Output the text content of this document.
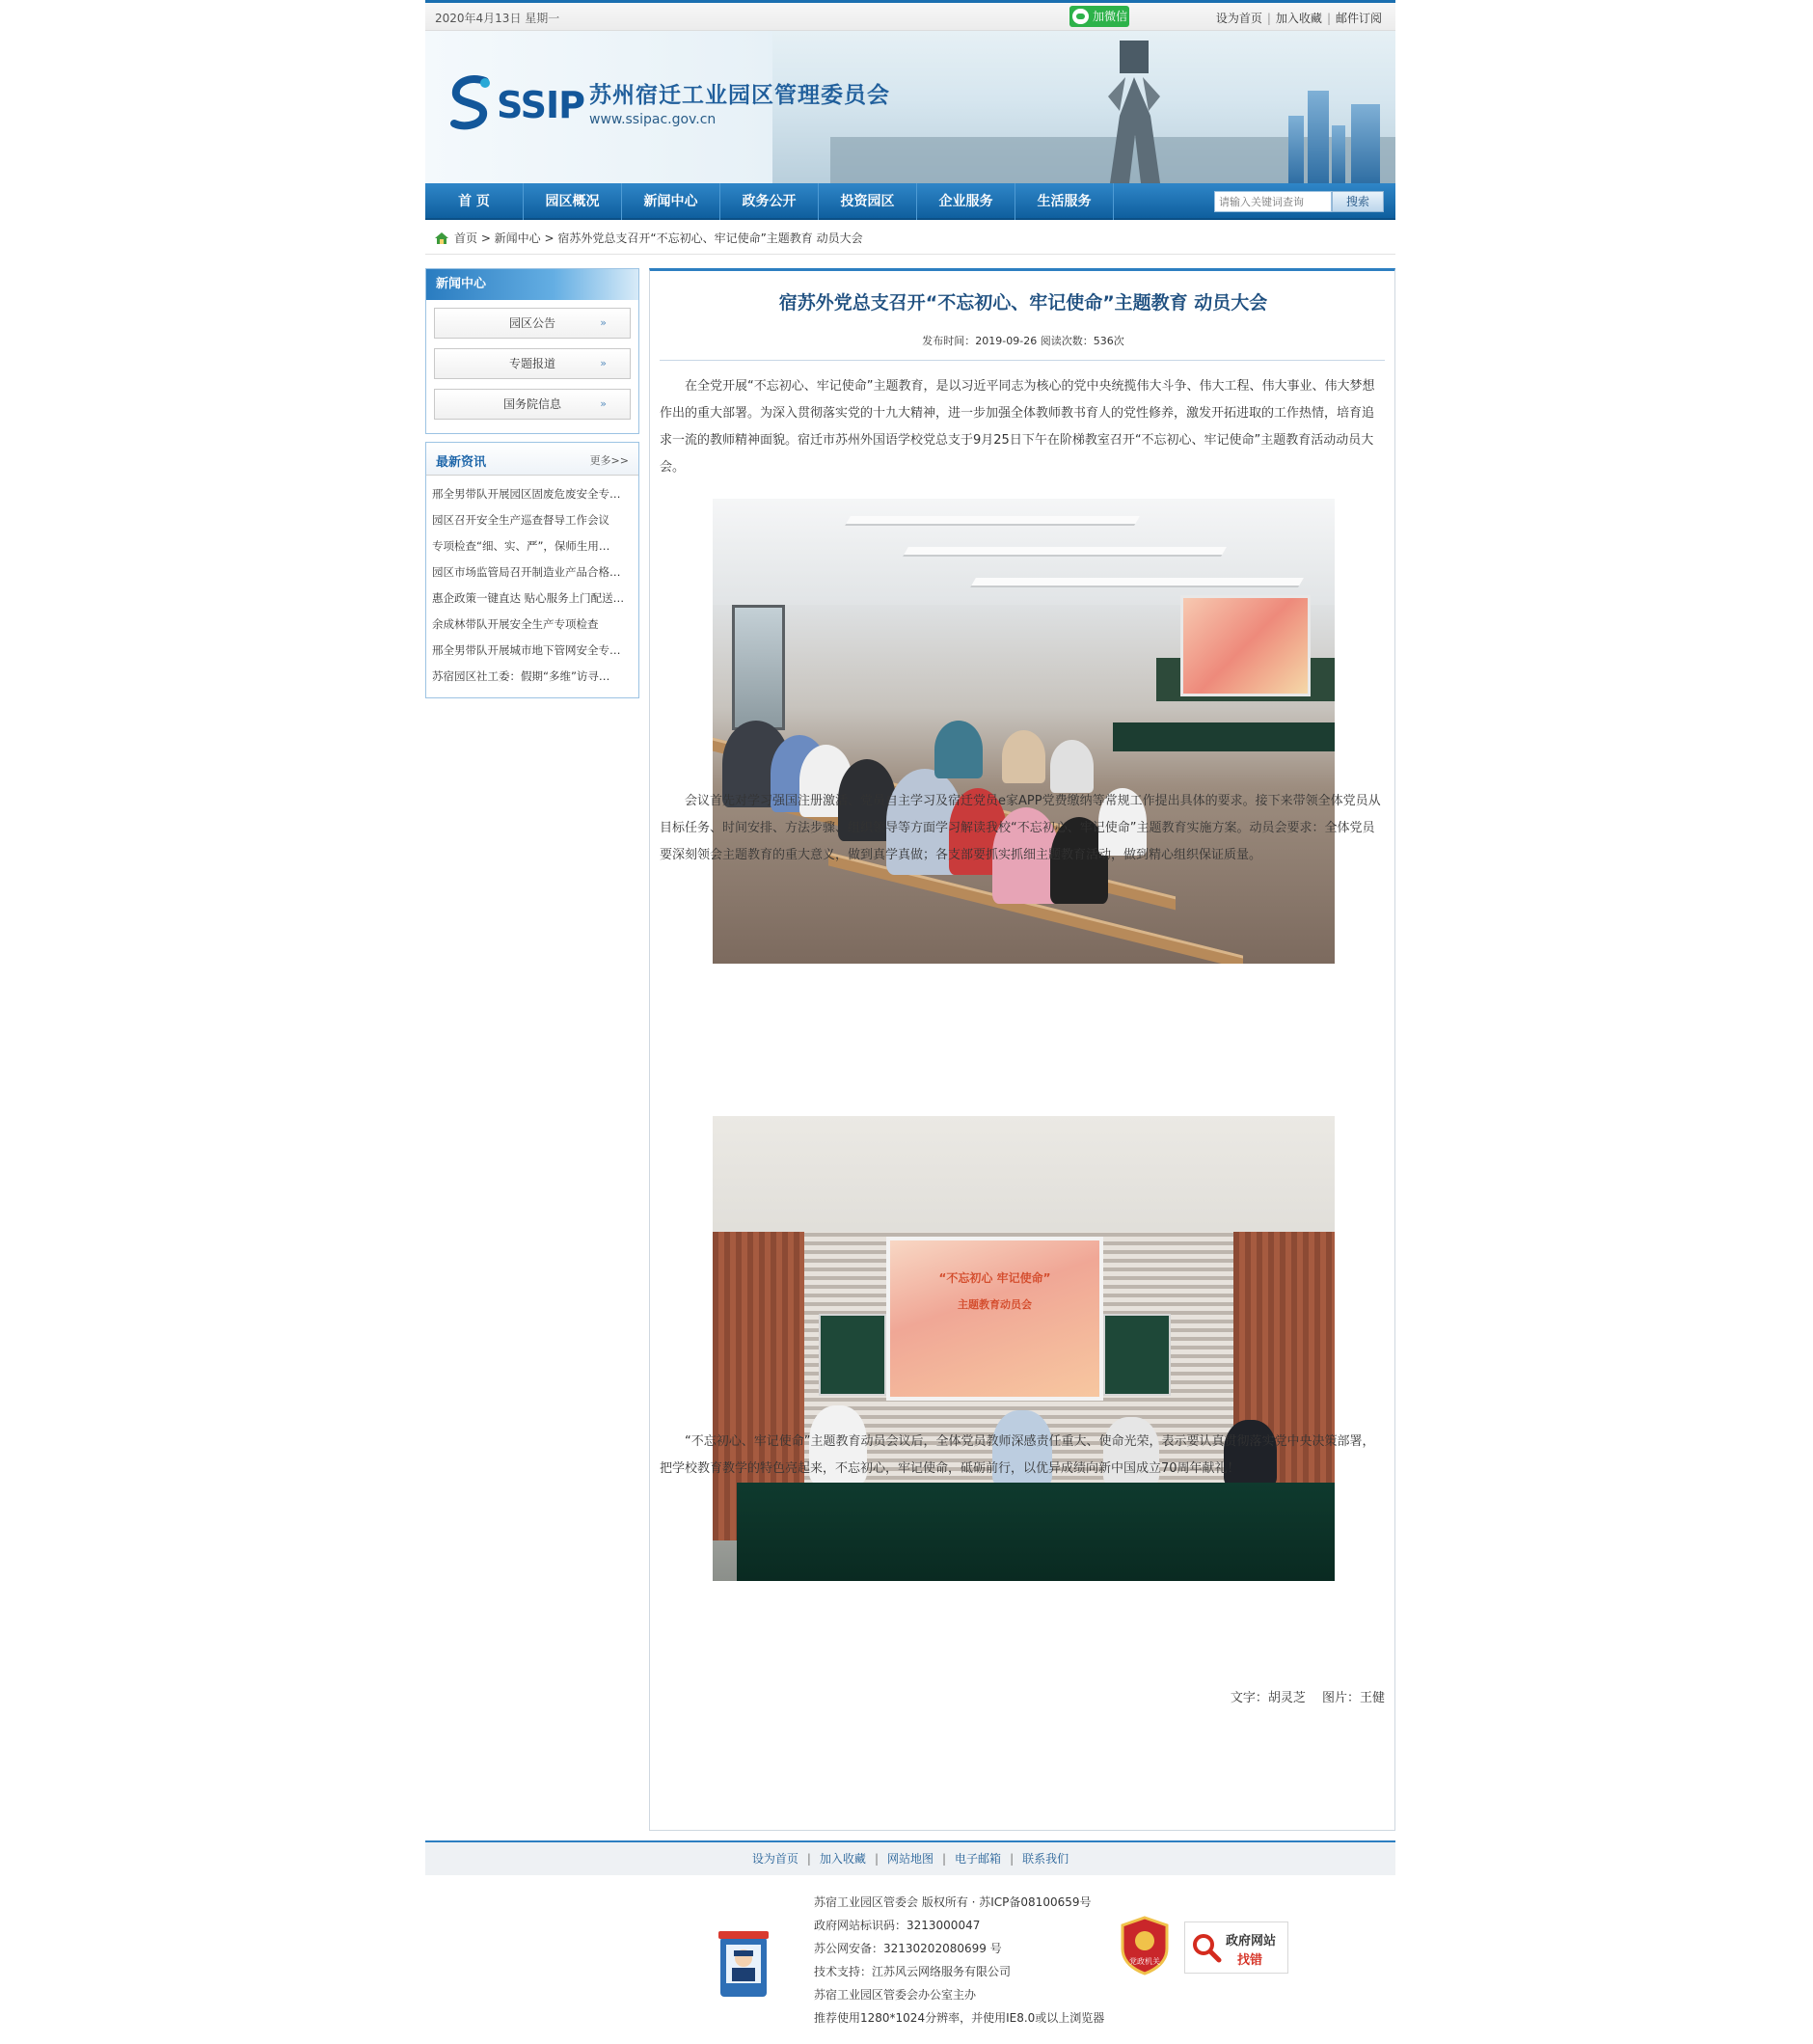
2020年4月13日 星期一	加微信	设为首页 | 加入收藏 | 邮件订阅
SSIP 苏州宿迁工业园区管理委员会
www.ssipac.gov.cn
首 页	园区概况	新闻中心	政务公开	投资园区	企业服务	生活服务
请输入关键词查询	搜索
首页 > 新闻中心 > 宿苏外党总支召开“不忘初心、牢记使命”主题教育 动员大会
新闻中心
园区公告	»
专题报道	»
国务院信息	»
最新资讯	更多>>
邢全男带队开展园区固废危废安全专…
园区召开安全生产巡查督导工作会议
专项检查“细、实、严”，保师生用…
园区市场监管局召开制造业产品合格…
惠企政策一键直达 贴心服务上门配送…
余成林带队开展安全生产专项检查
邢全男带队开展城市地下管网安全专…
苏宿园区社工委：假期“多维”访寻…
宿苏外党总支召开“不忘初心、牢记使命”主题教育 动员大会
发布时间：2019-09-26 阅读次数：536次

在全党开展“不忘初心、牢记使命”主题教育，是以习近平同志为核心的党中央统揽伟大斗争、伟大工程、伟大事业、伟大梦想作出的重大部署。为深入贯彻落实党的十九大精神，进一步加强全体教师教书育人的党性修养，激发开拓进取的工作热情，培育追求一流的教师精神面貌。宿迁市苏州外国语学校党总支于9月25日下午在阶梯教室召开“不忘初心、牢记使命”主题教育活动动员大会。

会议首先对学习强国注册激活、党员自主学习及宿迁党员e家APP党费缴纳等常规工作提出具体的要求。接下来带领全体党员从目标任务、时间安排、方法步骤、组织领导等方面学习解读我校“不忘初心、牢记使命”主题教育实施方案。动员会要求：全体党员要深刻领会主题教育的重大意义，做到真学真做；各支部要抓实抓细主题教育活动，做到精心组织保证质量。

“不忘初心 牢记使命”
主题教育动员会

“不忘初心、牢记使命”主题教育动员会议后，全体党员教师深感责任重大、使命光荣，表示要认真贯彻落实党中央决策部署，把学校教育教学的特色亮起来，不忘初心，牢记使命，砥砺前行，以优异成绩向新中国成立70周年献礼！

文字：胡灵芝　 图片：王健
设为首页 | 加入收藏 | 网站地图 | 电子邮箱 | 联系我们
党政机关
政府网站
找错
苏宿工业园区管委会 版权所有 · 苏ICP备08100659号
政府网站标识码：3213000047
苏公网安备：32130202080699 号
技术支持：江苏风云网络服务有限公司
苏宿工业园区管委会办公室主办
推荐使用1280*1024分辨率，并使用IE8.0或以上浏览器
